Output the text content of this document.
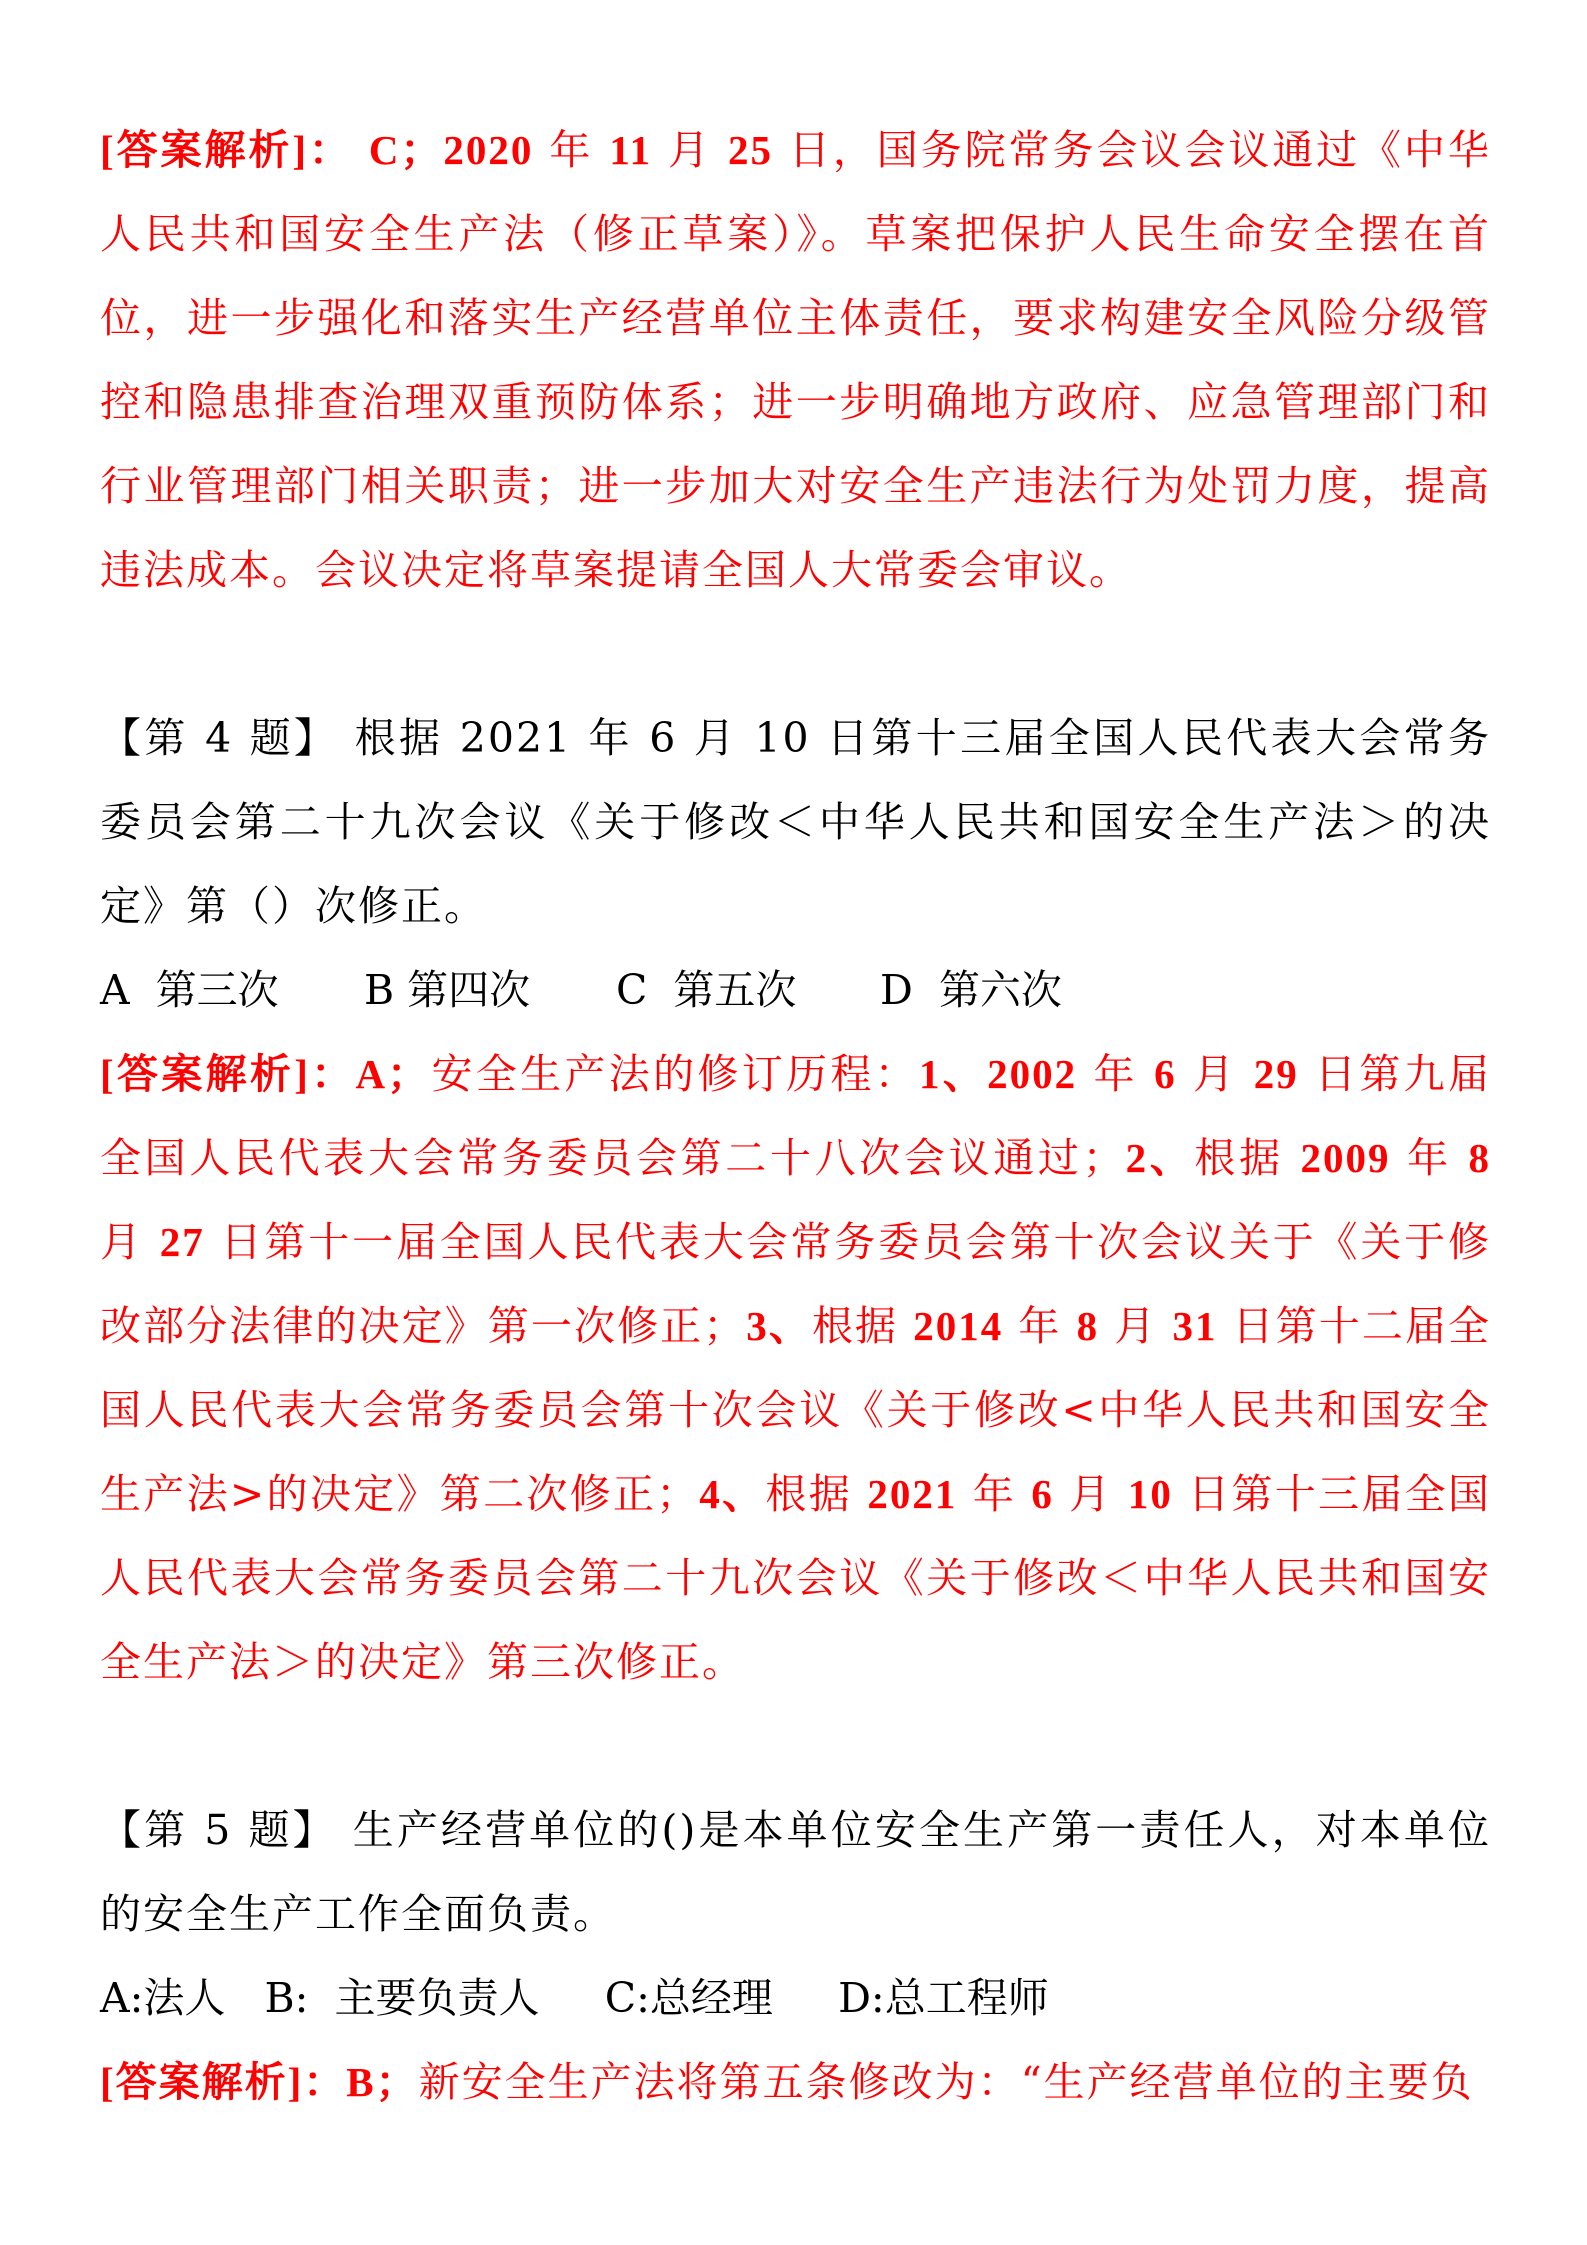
[答案解析]： C；2020 年 11 月 25 日，国务院常务会议会议通过《中华人民共和国安全生产法（修正草案）》。草案把保护人民生命安全摆在首位，进一步强化和落实生产经营单位主体责任，要求构建安全风险分级管控和隐患排查治理双重预防体系；进一步明确地方政府、应急管理部门和行业管理部门相关职责；进一步加大对安全生产违法行为处罚力度，提高违法成本。会议决定将草案提请全国人大常委会审议。

【第 4 题】 根据 2021 年 6 月 10 日第十三届全国人民代表大会常务委员会第二十九次会议《关于修改＜中华人民共和国安全生产法＞的决定》第（）次修正。

A  第三次	B 第四次	C  第五次	D  第六次

[答案解析]：A；安全生产法的修订历程：1、2002 年 6 月 29 日第九届全国人民代表大会常务委员会第二十八次会议通过；2、根据 2009 年 8 月 27 日第十一届全国人民代表大会常务委员会第十次会议关于《关于修改部分法律的决定》第一次修正；3、根据 2014 年 8 月 31 日第十二届全国人民代表大会常务委员会第十次会议《关于修改<中华人民共和国安全生产法>的决定》第二次修正；4、根据 2021 年 6 月 10 日第十三届全国人民代表大会常务委员会第二十九次会议《关于修改＜中华人民共和国安全生产法＞的决定》第三次修正。

【第 5 题】 生产经营单位的()是本单位安全生产第一责任人，对本单位的安全生产工作全面负责。

A:法人 B:  主要负责人 C:总经理 D:总工程师

[答案解析]：B；新安全生产法将第五条修改为：“生产经营单位的主要负
